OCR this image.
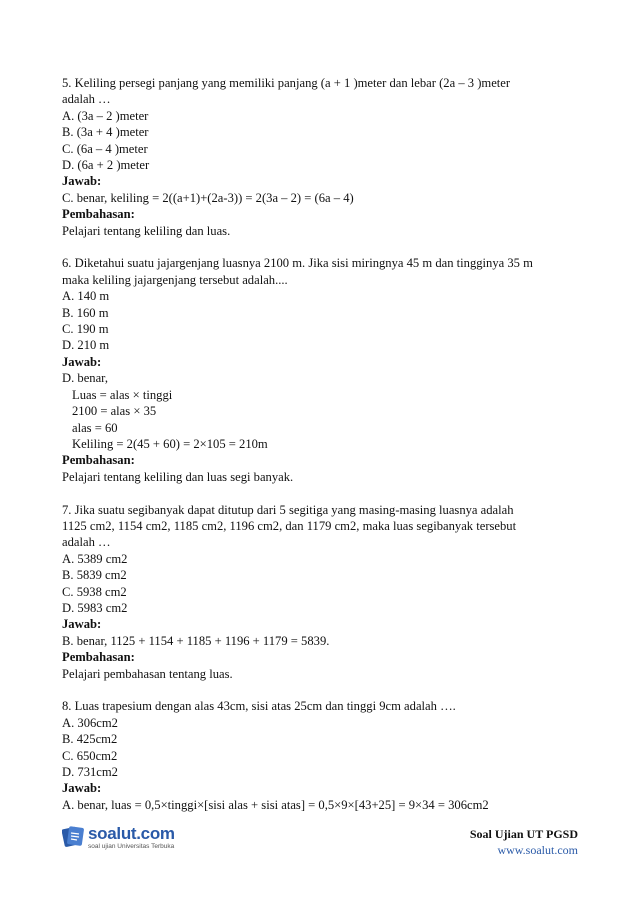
5. Keliling persegi panjang yang memiliki panjang (a + 1 )meter dan lebar (2a – 3 )meter
adalah …
A. (3a – 2 )meter
B. (3a + 4 )meter
C. (6a – 4 )meter
D. (6a + 2 )meter
Jawab:
C. benar, keliling = 2((a+1)+(2a-3)) = 2(3a – 2) = (6a – 4)
Pembahasan:
Pelajari tentang keliling dan luas.
6. Diketahui suatu jajargenjang luasnya 2100 m. Jika sisi miringnya 45 m dan tingginya 35 m
maka keliling jajargenjang tersebut adalah....
A. 140 m
B. 160 m
C. 190 m
D. 210 m
Jawab:
D. benar,
Luas = alas × tinggi
2100 = alas × 35
alas = 60
Keliling = 2(45 + 60) = 2×105 = 210m
Pembahasan:
Pelajari tentang keliling dan luas segi banyak.
7. Jika suatu segibanyak dapat ditutup dari 5 segitiga yang masing-masing luasnya adalah
1125 cm2, 1154 cm2, 1185 cm2, 1196 cm2, dan 1179 cm2, maka luas segibanyak tersebut
adalah …
A. 5389 cm2
B. 5839 cm2
C. 5938 cm2
D. 5983 cm2
Jawab:
B. benar, 1125 + 1154 + 1185 + 1196 + 1179 = 5839.
Pembahasan:
Pelajari pembahasan tentang luas.
8. Luas trapesium dengan alas 43cm, sisi atas 25cm dan tinggi 9cm adalah ….
A. 306cm2
B. 425cm2
C. 650cm2
D. 731cm2
Jawab:
A. benar, luas = 0,5×tinggi×[sisi alas + sisi atas] = 0,5×9×[43+25] = 9×34 = 306cm2
soalut.com
soal ujian Universitas Terbuka
Soal Ujian UT PGSD
www.soalut.com
